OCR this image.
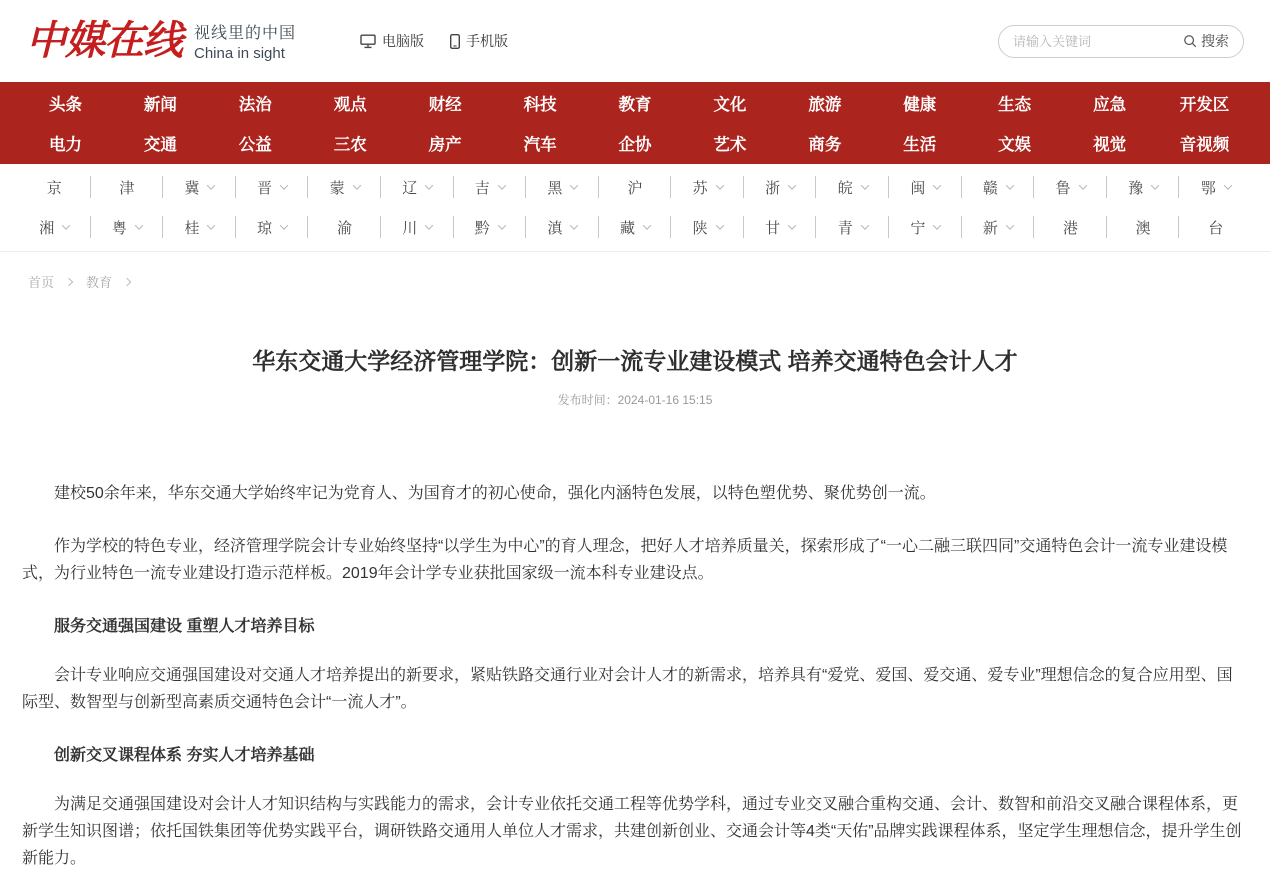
中媒在线 视线里的中国
China in sight
电脑版	手机版
请输入关键词	搜索
头条	新闻	法治	观点	财经	科技	教育	文化	旅游	健康	生态	应急	开发区
电力	交通	公益	三农	房产	汽车	企协	艺术	商务	生活	文娱	视觉	音视频
京	津	冀	晋	蒙	辽	吉	黑	沪	苏	浙	皖	闽	赣	鲁	豫	鄂
湘	粤	桂	琼	渝	川	黔	滇	藏	陕	甘	青	宁	新	港	澳	台
首页 教育
华东交通大学经济管理学院：创新一流专业建设模式 培养交通特色会计人才
发布时间：2024-01-16 15:15

建校50余年来，华东交通大学始终牢记为党育人、为国育才的初心使命，强化内涵特色发展，以特色塑优势、聚优势创一流。

作为学校的特色专业，经济管理学院会计专业始终坚持“以学生为中心”的育人理念，把好人才培养质量关，探索形成了“一心二融三联四同”交通特色会计一流专业建设模式，为行业特色一流专业建设打造示范样板。2019年会计学专业获批国家级一流本科专业建设点。

服务交通强国建设 重塑人才培养目标

会计专业响应交通强国建设对交通人才培养提出的新要求，紧贴铁路交通行业对会计人才的新需求，培养具有“爱党、爱国、爱交通、爱专业”理想信念的复合应用型、国际型、数智型与创新型高素质交通特色会计“一流人才”。

创新交叉课程体系 夯实人才培养基础

为满足交通强国建设对会计人才知识结构与实践能力的需求，会计专业依托交通工程等优势学科，通过专业交叉融合重构交通、会计、数智和前沿交叉融合课程体系，更新学生知识图谱；依托国铁集团等优势实践平台，调研铁路交通用人单位人才需求，共建创新创业、交通会计等4类“天佑”品牌实践课程体系，坚定学生理想信念，提升学生创新能力。
